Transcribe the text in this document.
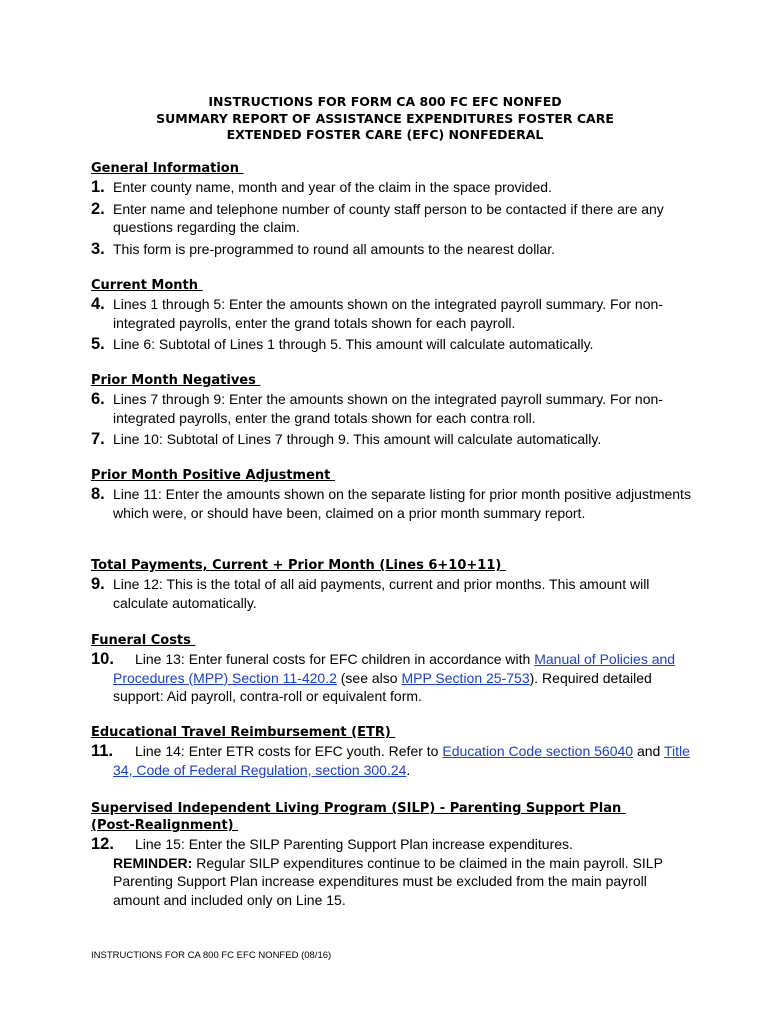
INSTRUCTIONS FOR FORM CA 800 FC EFC NONFED
SUMMARY REPORT OF ASSISTANCE EXPENDITURES FOSTER CARE
EXTENDED FOSTER CARE (EFC) NONFEDERAL
General Information
1. Enter county name, month and year of the claim in the space provided.

2. Enter name and telephone number of county staff person to be contacted if there are any questions regarding the claim.

3. This form is pre-programmed to round all amounts to the nearest dollar.

Current Month
4. Lines 1 through 5: Enter the amounts shown on the integrated payroll summary. For non-integrated payrolls, enter the grand totals shown for each payroll.

5. Line 6: Subtotal of Lines 1 through 5. This amount will calculate automatically.

Prior Month Negatives
6. Lines 7 through 9: Enter the amounts shown on the integrated payroll summary. For non-integrated payrolls, enter the grand totals shown for each contra roll.

7. Line 10: Subtotal of Lines 7 through 9. This amount will calculate automatically.

Prior Month Positive Adjustment
8. Line 11: Enter the amounts shown on the separate listing for prior month positive adjustments which were, or should have been, claimed on a prior month summary report.

Total Payments, Current + Prior Month (Lines 6+10+11)
9. Line 12: This is the total of all aid payments, current and prior months. This amount will calculate automatically.

Funeral Costs
10.	Line 13: Enter funeral costs for EFC children in accordance with Manual of Policies and Procedures (MPP) Section 11-420.2 (see also MPP Section 25-753). Required detailed support: Aid payroll, contra-roll or equivalent form.

Educational Travel Reimbursement (ETR)
11.	Line 14: Enter ETR costs for EFC youth. Refer to Education Code section 56040 and Title 34, Code of Federal Regulation, section 300.24.

Supervised Independent Living Program (SILP) - Parenting Support Plan
(Post-Realignment)
12.	Line 15: Enter the SILP Parenting Support Plan increase expenditures.

REMINDER: Regular SILP expenditures continue to be claimed in the main payroll. SILP Parenting Support Plan increase expenditures must be excluded from the main payroll amount and included only on Line 15.

INSTRUCTIONS FOR CA 800 FC EFC NONFED (08/16)
